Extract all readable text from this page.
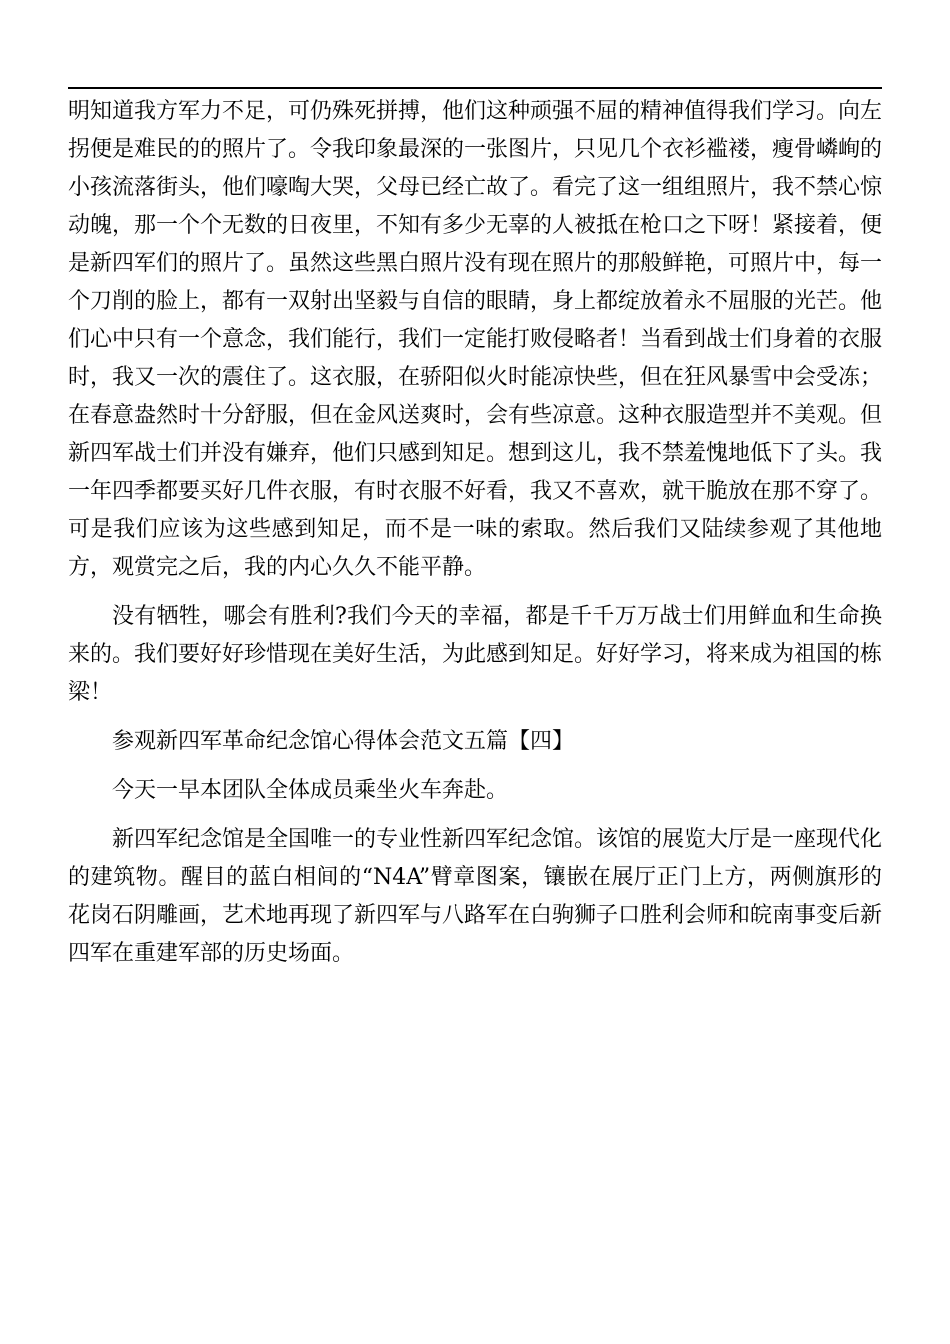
明知道我方军力不足，可仍殊死拼搏，他们这种顽强不屈的精神值得我们学习。向左拐便是难民的的照片了。令我印象最深的一张图片，只见几个衣衫褴褛，瘦骨嶙峋的小孩流落街头，他们嚎啕大哭，父母已经亡故了。看完了这一组组照片，我不禁心惊动魄，那一个个无数的日夜里，不知有多少无辜的人被抵在枪口之下呀！紧接着，便是新四军们的照片了。虽然这些黑白照片没有现在照片的那般鲜艳，可照片中，每一个刀削的脸上，都有一双射出坚毅与自信的眼睛，身上都绽放着永不屈服的光芒。他们心中只有一个意念，我们能行，我们一定能打败侵略者！当看到战士们身着的衣服时，我又一次的震住了。这衣服，在骄阳似火时能凉快些，但在狂风暴雪中会受冻；在春意盎然时十分舒服，但在金风送爽时，会有些凉意。这种衣服造型并不美观。但新四军战士们并没有嫌弃，他们只感到知足。想到这儿，我不禁羞愧地低下了头。我一年四季都要买好几件衣服，有时衣服不好看，我又不喜欢，就干脆放在那不穿了。可是我们应该为这些感到知足，而不是一味的索取。然后我们又陆续参观了其他地方，观赏完之后，我的内心久久不能平静。

没有牺牲，哪会有胜利?我们今天的幸福，都是千千万万战士们用鲜血和生命换来的。我们要好好珍惜现在美好生活，为此感到知足。好好学习，将来成为祖国的栋梁！

参观新四军革命纪念馆心得体会范文五篇【四】

今天一早本团队全体成员乘坐火车奔赴。

新四军纪念馆是全国唯一的专业性新四军纪念馆。该馆的展览大厅是一座现代化的建筑物。醒目的蓝白相间的“N4A”臂章图案，镶嵌在展厅正门上方，两侧旗形的花岗石阴雕画，艺术地再现了新四军与八路军在白驹狮子口胜利会师和皖南事变后新四军在重建军部的历史场面。
